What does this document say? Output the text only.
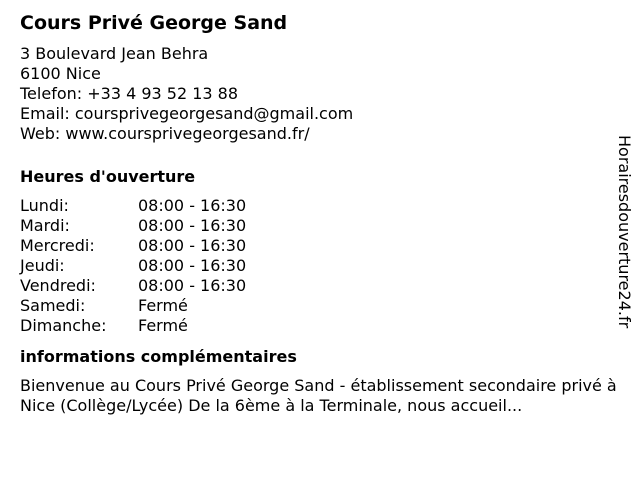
Cours Privé George Sand
3 Boulevard Jean Behra
6100 Nice
Telefon: +33 4 93 52 13 88
Email: coursprivegeorgesand@gmail.com
Web: www.coursprivegeorgesand.fr/
Heures d'ouverture
Lundi:	08:00 - 16:30
Mardi:	08:00 - 16:30
Mercredi:	08:00 - 16:30
Jeudi:	08:00 - 16:30
Vendredi:	08:00 - 16:30
Samedi:	Fermé
Dimanche:	Fermé
informations complémentaires
Bienvenue au Cours Privé George Sand - établissement secondaire privé à Nice (Collège/Lycée) De la 6ème à la Terminale, nous accueil...
Horairesdouverture24.fr
